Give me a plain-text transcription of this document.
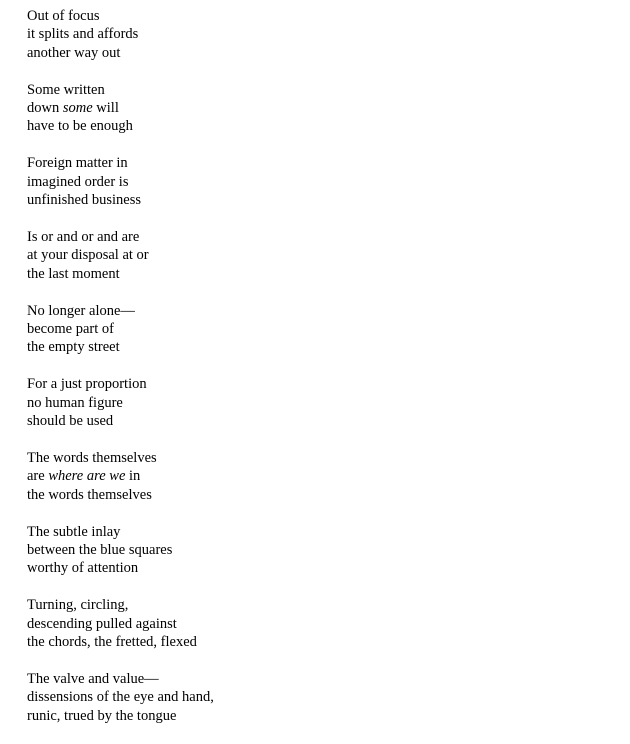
Out of focus
it splits and affords
another way out
Some written
down some will
have to be enough
Foreign matter in
imagined order is
unfinished business
Is or and or and are
at your disposal at or
the last moment
No longer alone—
become part of
the empty street
For a just proportion
no human figure
should be used
The words themselves
are where are we in
the words themselves
The subtle inlay
between the blue squares
worthy of attention
Turning, circling,
descending pulled against
the chords, the fretted, flexed
The valve and value—
dissensions of the eye and hand,
runic, trued by the tongue
